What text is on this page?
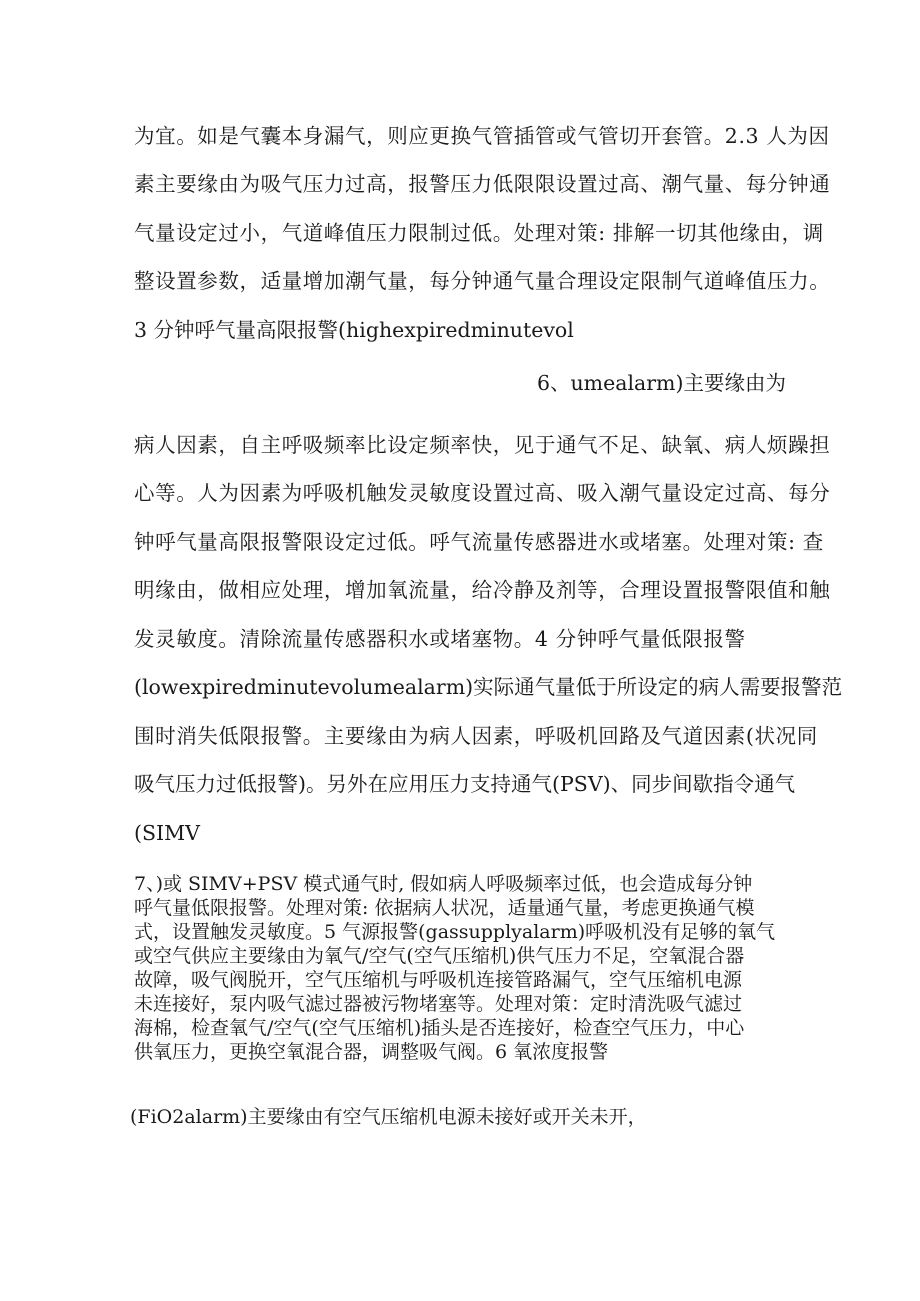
为宜。如是气囊本身漏气，则应更换气管插管或气管切开套管。2.3 人为因
素主要缘由为吸气压力过高，报警压力低限限设置过高、潮气量、每分钟通
气量设定过小，气道峰值压力限制过低。处理对策: 排解一切其他缘由，调
整设置参数，适量增加潮气量，每分钟通气量合理设定限制气道峰值压力。
3 分钟呼气量高限报警(highexpiredminutevol
6、umealarm)主要缘由为
病人因素，自主呼吸频率比设定频率快，见于通气不足、缺氧、病人烦躁担
心等。人为因素为呼吸机触发灵敏度设置过高、吸入潮气量设定过高、每分
钟呼气量高限报警限设定过低。呼气流量传感器进水或堵塞。处理对策: 查
明缘由，做相应处理，增加氧流量，给冷静及剂等，合理设置报警限值和触
发灵敏度。清除流量传感器积水或堵塞物。4 分钟呼气量低限报警
(lowexpiredminutevolumealarm)实际通气量低于所设定的病人需要报警范
围时消失低限报警。主要缘由为病人因素，呼吸机回路及气道因素(状况同
吸气压力过低报警)。另外在应用压力支持通气(PSV)、同步间歇指令通气
(SIMV
7、)或 SIMV+PSV 模式通气时, 假如病人呼吸频率过低，也会造成每分钟
呼气量低限报警。处理对策: 依据病人状况，适量通气量，考虑更换通气模
式，设置触发灵敏度。5 气源报警(gassupplyalarm)呼吸机没有足够的氧气
或空气供应主要缘由为氧气/空气(空气压缩机)供气压力不足，空氧混合器
故障，吸气阀脱开，空气压缩机与呼吸机连接管路漏气，空气压缩机电源
未连接好，泵内吸气滤过器被污物堵塞等。处理对策：定时清洗吸气滤过
海棉，检查氧气/空气(空气压缩机)插头是否连接好，检查空气压力，中心
供氧压力，更换空氧混合器，调整吸气阀。6 氧浓度报警
(FiO2alarm)主要缘由有空气压缩机电源未接好或开关未开，
